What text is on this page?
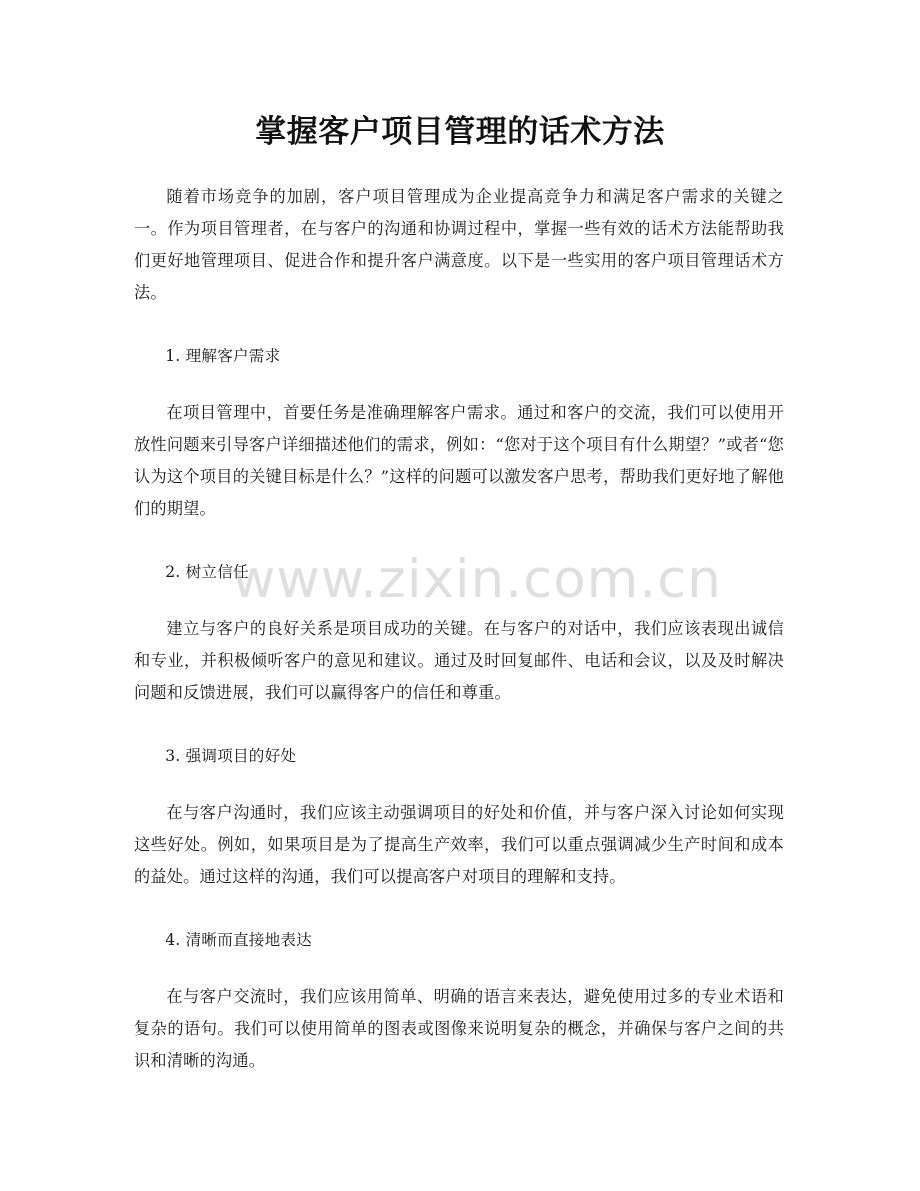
掌握客户项目管理的话术方法

随着市场竞争的加剧，客户项目管理成为企业提高竞争力和满足客户需求的关键之一。作为项目管理者，在与客户的沟通和协调过程中，掌握一些有效的话术方法能帮助我们更好地管理项目、促进合作和提升客户满意度。以下是一些实用的客户项目管理话术方法。

1. 理解客户需求

在项目管理中，首要任务是准确理解客户需求。通过和客户的交流，我们可以使用开放性问题来引导客户详细描述他们的需求，例如：“您对于这个项目有什么期望？”或者“您认为这个项目的关键目标是什么？”这样的问题可以激发客户思考，帮助我们更好地了解他们的期望。

2. 树立信任

建立与客户的良好关系是项目成功的关键。在与客户的对话中，我们应该表现出诚信和专业，并积极倾听客户的意见和建议。通过及时回复邮件、电话和会议，以及及时解决问题和反馈进展，我们可以赢得客户的信任和尊重。

3. 强调项目的好处

在与客户沟通时，我们应该主动强调项目的好处和价值，并与客户深入讨论如何实现这些好处。例如，如果项目是为了提高生产效率，我们可以重点强调减少生产时间和成本的益处。通过这样的沟通，我们可以提高客户对项目的理解和支持。

4. 清晰而直接地表达

在与客户交流时，我们应该用简单、明确的语言来表达，避免使用过多的专业术语和复杂的语句。我们可以使用简单的图表或图像来说明复杂的概念，并确保与客户之间的共识和清晰的沟通。

www.zixin.com.cn
